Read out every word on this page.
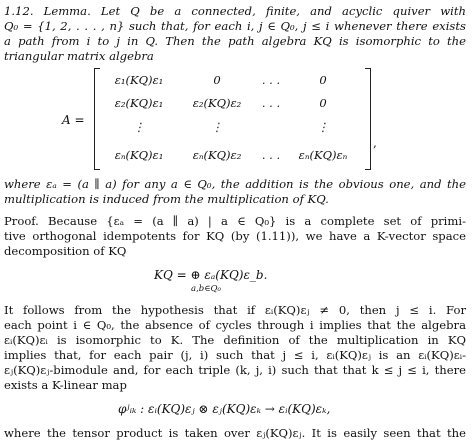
1.12. Lemma. Let Q be a connected, finite, and acyclic quiver with
Q₀ = {1, 2, . . . , n} such that, for each i, j ∈ Q₀, j ≤ i whenever there exists
a path from i to j in Q. Then the path algebra KQ is isomorphic to the
triangular matrix algebra
A =
ε₁(KQ)ε₁	0	. . .	0
ε₂(KQ)ε₁	ε₂(KQ)ε₂ . . .	0
⋮	⋮	⋮
εₙ(KQ)ε₁	εₙ(KQ)ε₂ . . . εₙ(KQ)εₙ
,
where εₐ = (a ∥ a) for any a ∈ Q₀, the addition is the obvious one, and the
multiplication is induced from the multiplication of KQ.
Proof. Because {εₐ = (a ∥ a) | a ∈ Q₀} is a complete set of primi-
tive orthogonal idempotents for KQ (by (1.11)), we have a K-vector space
decomposition of KQ
KQ = ⊕ εₐ(KQ)ε_b.
a,b∈Q₀
It follows from the hypothesis that if εᵢ(KQ)εⱼ ≠ 0, then j ≤ i. For
each point i ∈ Q₀, the absence of cycles through i implies that the algebra
εᵢ(KQ)εᵢ is isomorphic to K. The definition of the multiplication in KQ
implies that, for each pair (j, i) such that j ≤ i, εᵢ(KQ)εⱼ is an εᵢ(KQ)εᵢ-
εⱼ(KQ)εⱼ-bimodule and, for each triple (k, j, i) such that that k ≤ j ≤ i, there
exists a K-linear map
φʲᵢₖ : εᵢ(KQ)εⱼ ⊗ εⱼ(KQ)εₖ → εᵢ(KQ)εₖ,
where the tensor product is taken over εⱼ(KQ)εⱼ. It is easily seen that the
